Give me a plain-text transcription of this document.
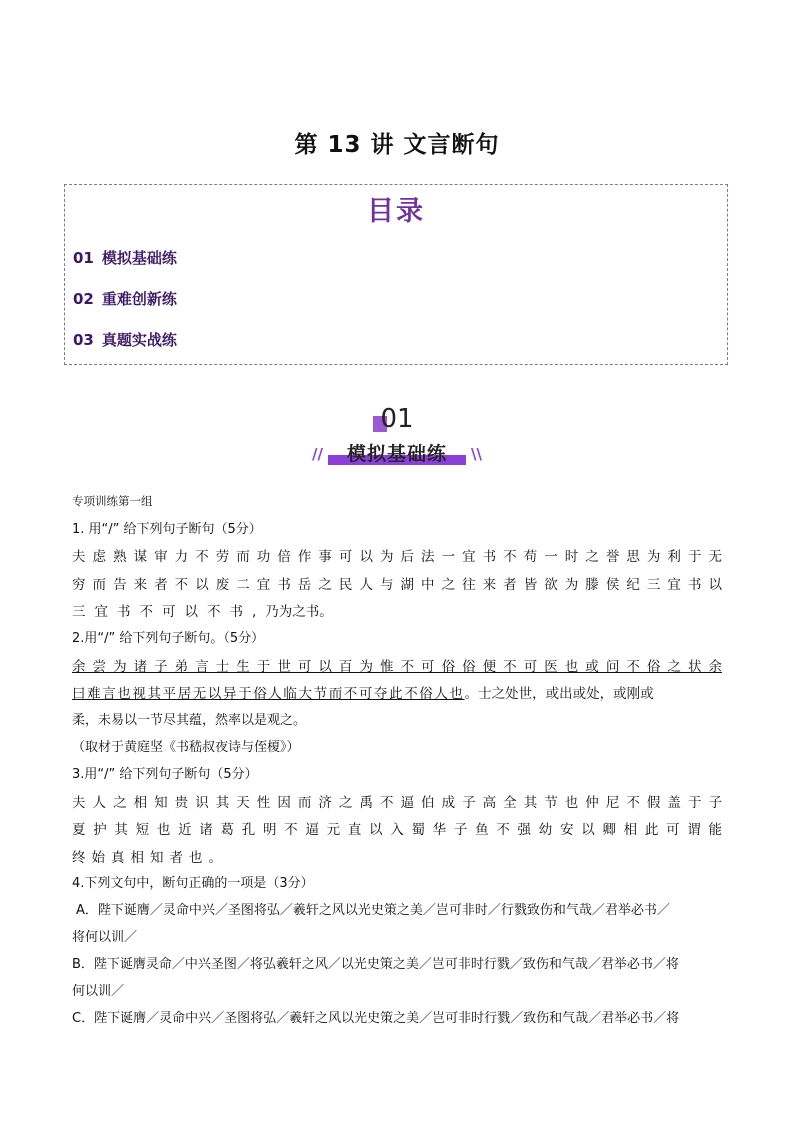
第 13 讲 文言断句
目录
01 模拟基础练
02 重难创新练
03 真题实战练
01
//	模拟基础练	\\
专项训练第一组
1. 用“/” 给下列句子断句（5分）
夫虑熟谋审力不劳而功倍作事可以为后法一宜书不苟一时之誉思为利于无
穷而告来者不以废二宜书岳之民人与湖中之往来者皆欲为滕侯纪三宜书以
三宜书不可以不书,乃为之书。
2.用“/” 给下列句子断句。（5分）
余尝为诸子弟言士生于世可以百为惟不可俗俗便不可医也或问不俗之状余
曰难言也视其平居无以异于俗人临大节而不可夺此不俗人也。士之处世，或出或处，或刚或
柔，未易以一节尽其蕴，然率以是观之。
（取材于黄庭坚《书嵇叔夜诗与侄榎》）
3.用“/” 给下列句子断句（5分）
夫人之相知贵识其天性因而济之禹不逼伯成子高全其节也仲尼不假盖于子
夏护其短也近诸葛孔明不逼元直以入蜀华子鱼不强幼安以卿相此可谓能
终始真相知者也。
4.下列文句中，断句正确的一项是（3分）
A．陛下诞膺／灵命中兴／圣图将弘／羲轩之风以光史策之美／岂可非时／行戮致伤和气哉／君举必书／
将何以训／
B．陛下诞膺灵命／中兴圣图／将弘羲轩之风／以光史策之美／岂可非时行戮／致伤和气哉／君举必书／将
何以训／
C．陛下诞膺／灵命中兴／圣图将弘／羲轩之风以光史策之美／岂可非时行戮／致伤和气哉／君举必书／将
